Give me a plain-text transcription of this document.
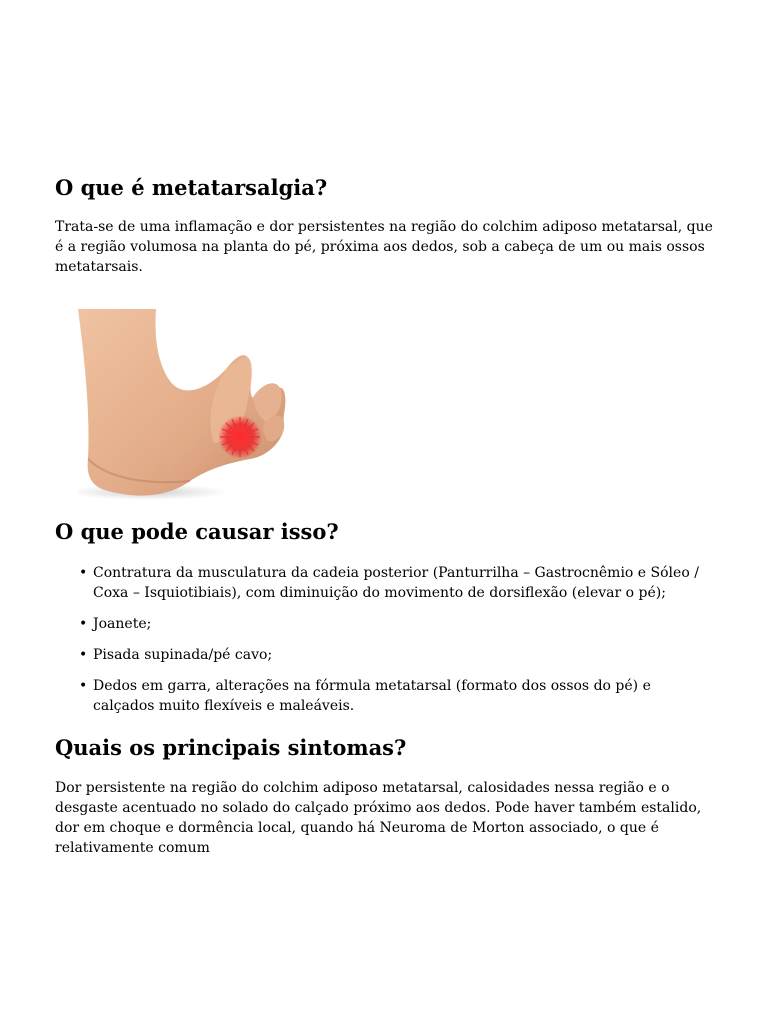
O que é metatarsalgia?

Trata-se de uma inflamação e dor persistentes na região do colchim adiposo metatarsal, que é a região volumosa na planta do pé, próxima aos dedos, sob a cabeça de um ou mais ossos metatarsais.

O que pode causar isso?
• Contratura da musculatura da cadeia posterior (Panturrilha – Gastrocnêmio e Sóleo / Coxa – Isquiotibiais), com diminuição do movimento de dorsiflexão (elevar o pé);
• Joanete;
• Pisada supinada/pé cavo;
• Dedos em garra, alterações na fórmula metatarsal (formato dos ossos do pé) e calçados muito flexíveis e maleáveis.
Quais os principais sintomas?

Dor persistente na região do colchim adiposo metatarsal, calosidades nessa região e o desgaste acentuado no solado do calçado próximo aos dedos. Pode haver também estalido, dor em choque e dormência local, quando há Neuroma de Morton associado, o que é relativamente comum
